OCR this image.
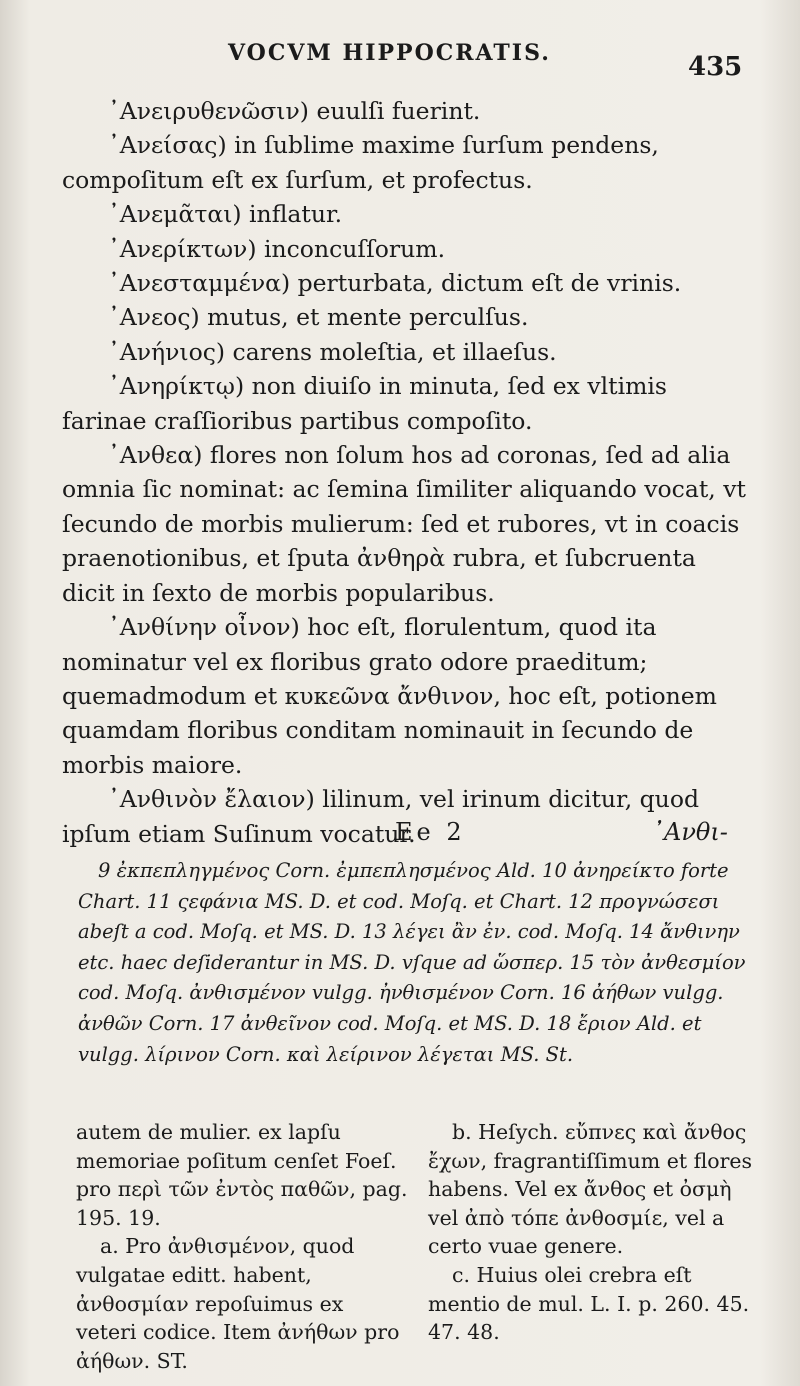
VOCVM HIPPOCRATIS.	435

᾿Ανειρυθενῶσιν) euulſi fuerint.

᾿Ανείσας) in ſublime maxime ſurſum pendens, compoſitum eſt ex ſurſum, et profectus.

᾿Ανεμᾶται) inflatur.

᾿Ανερίκτων) inconcuſſorum.

᾿Ανεσταμμένα) perturbata, dictum eſt de vrinis.

᾿Ανεος) mutus, et mente perculſus.

᾿Ανήνιος) carens moleſtia, et illaeſus.

᾿Ανηρίκτῳ) non diuiſo in minuta, ſed ex vltimis farinae craſſioribus partibus compoſito.

᾿Ανθεα) flores non ſolum hos ad coronas, ſed ad alia omnia ſic nominat: ac ſemina ſimiliter aliquando vocat, vt ſecundo de morbis mulierum: ſed et rubores, vt in coacis praenotionibus, et ſputa ἀνθηρὰ rubra, et ſubcruenta dicit in ſexto de morbis popularibus.

᾿Ανθίνην οἶνον) hoc eſt, florulentum, quod ita nominatur vel ex floribus grato odore praeditum; quemadmodum et κυκεῶνα ἄνθινον, hoc eſt, potionem quamdam floribus conditam nominauit in ſecundo de morbis maiore.

᾿Ανθινὸν ἔλαιον) lilinum, vel irinum dicitur, quod ipſum etiam Suſinum vocatur.

Ee 2	᾿Ανθι-

9 ἐκπεπληγμένος Corn. ἐμπεπλησμένος Ald. 10 ἀνηρείκτο forte Chart. 11 ςεφάνια MS. D. et cod. Moſq. et Chart. 12 προγνώσεσι abeſt a cod. Moſq. et MS. D. 13 λέγει ἂν ἐν. cod. Moſq. 14 ἄνθινην etc. haec deſiderantur in MS. D. vſque ad ὥσπερ. 15 τὸν ἀνθεσμίον cod. Moſq. ἀνθισμένον vulgg. ἠνθισμένον Corn. 16 ἀήθων vulgg. ἀνθῶν Corn. 17 ἀνθεῖνον cod. Moſq. et MS. D. 18 ἔριον Ald. et vulgg. λίρινον Corn. καὶ λείρινον λέγεται MS. St.

autem de mulier. ex lapſu memoriae poſitum cenſet Foeſ. pro περὶ τῶν ἐντὸς παθῶν, pag. 195. 19.

a. Pro ἀνθισμένον, quod vulgatae editt. habent, ἀνθοσμίαν repoſuimus ex veteri codice. Item ἀνήθων pro ἀήθων. ST.

b. Heſych. εὔπνες καὶ ἄνθος ἔχων, fragrantiſſimum et flores habens. Vel ex ἄνθος et ὀσμὴ vel ἀπὸ τόπε ἀνθοσμίε, vel a certo vuae genere.

c. Huius olei crebra eſt mentio de mul. L. I. p. 260. 45. 47. 48.
